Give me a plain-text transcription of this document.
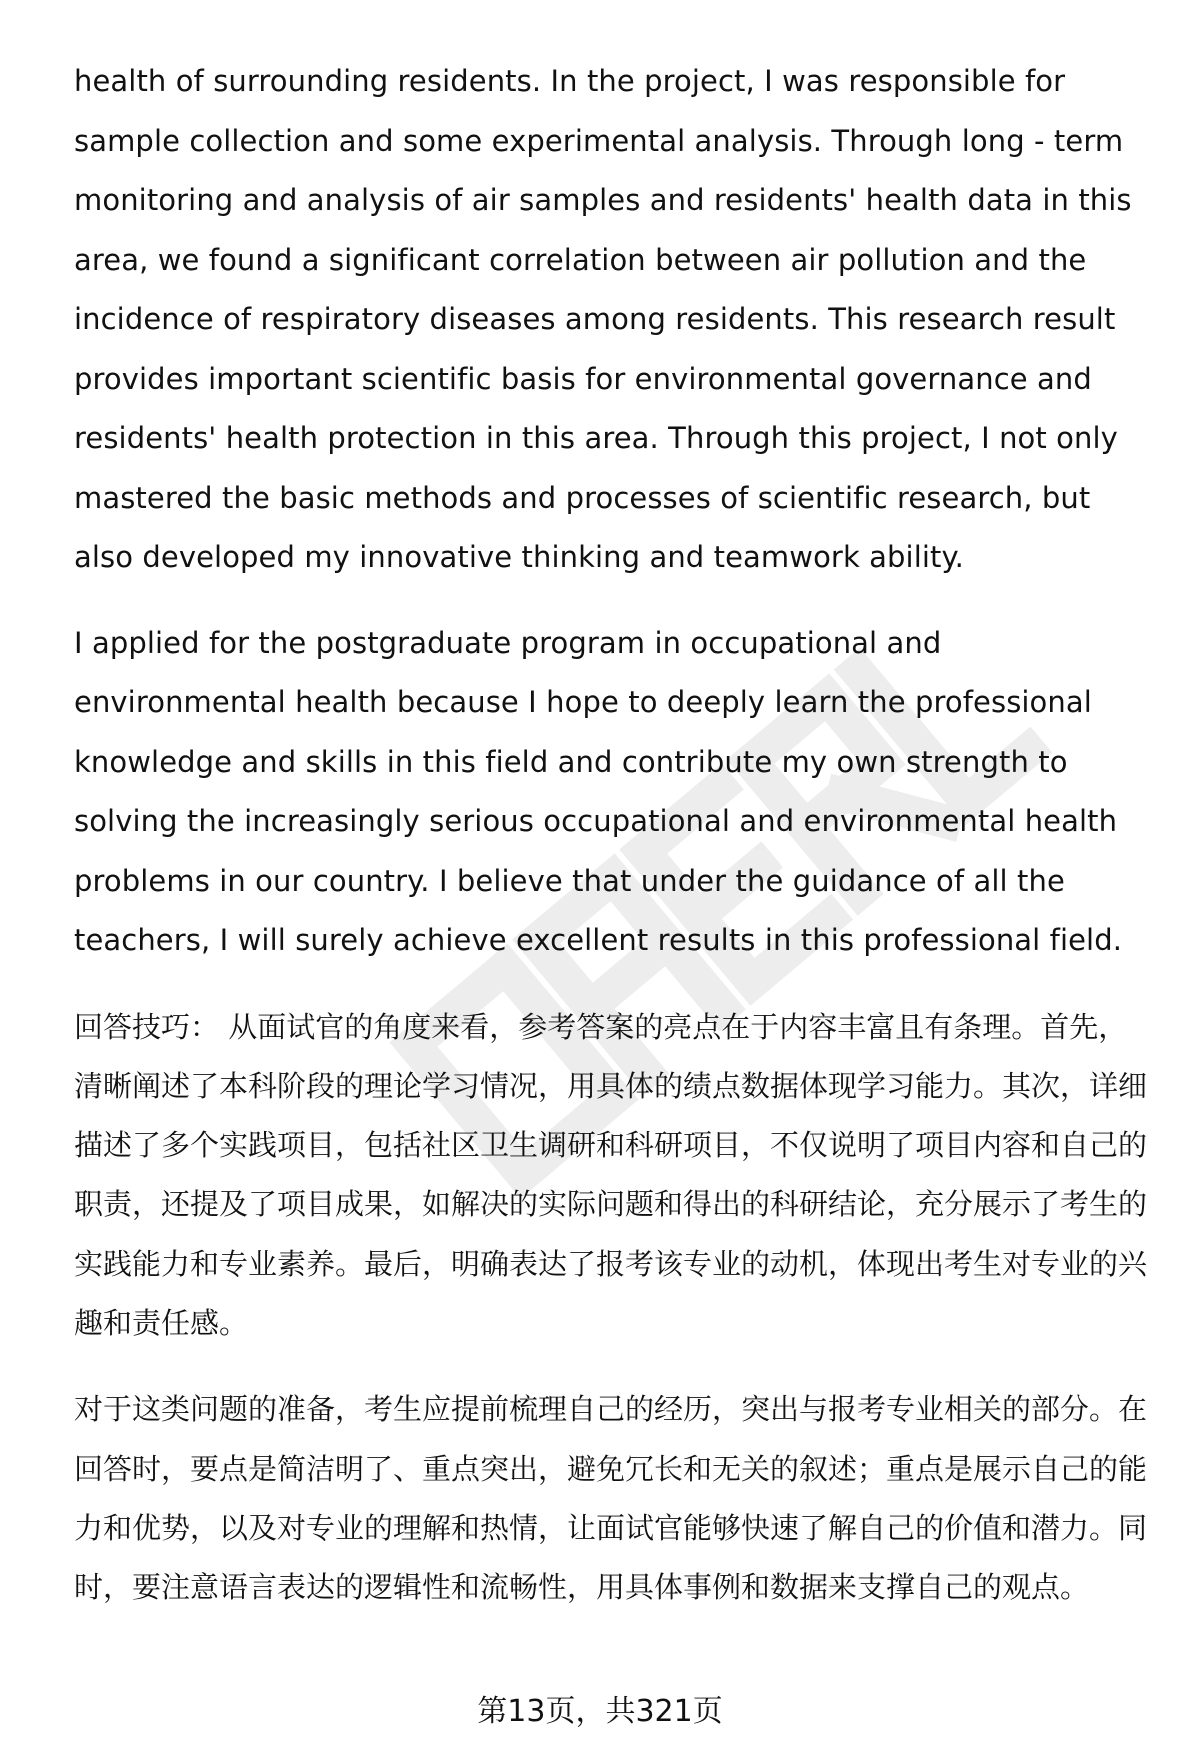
health of surrounding residents. In the project, I was responsible for sample collection and some experimental analysis. Through long - term monitoring and analysis of air samples and residents' health data in this area, we found a significant correlation between air pollution and the incidence of respiratory diseases among residents. This research result provides important scientific basis for environmental governance and residents' health protection in this area. Through this project, I not only mastered the basic methods and processes of scientific research, but also developed my innovative thinking and teamwork ability.

I applied for the postgraduate program in occupational and environmental health because I hope to deeply learn the professional knowledge and skills in this field and contribute my own strength to solving the increasingly serious occupational and environmental health problems in our country. I believe that under the guidance of all the teachers, I will surely achieve excellent results in this professional field.

回答技巧： 从面试官的角度来看，参考答案的亮点在于内容丰富且有条理。首先，清晰阐述了本科阶段的理论学习情况，用具体的绩点数据体现学习能力。其次，详细描述了多个实践项目，包括社区卫生调研和科研项目，不仅说明了项目内容和自己的职责，还提及了项目成果，如解决的实际问题和得出的科研结论，充分展示了考生的实践能力和专业素养。最后，明确表达了报考该专业的动机，体现出考生对专业的兴趣和责任感。

对于这类问题的准备，考生应提前梳理自己的经历，突出与报考专业相关的部分。在回答时，要点是简洁明了、重点突出，避免冗长和无关的叙述；重点是展示自己的能力和优势，以及对专业的理解和热情，让面试官能够快速了解自己的价值和潜力。同时，要注意语言表达的逻辑性和流畅性，用具体事例和数据来支撑自己的观点。

第13页，共321页
